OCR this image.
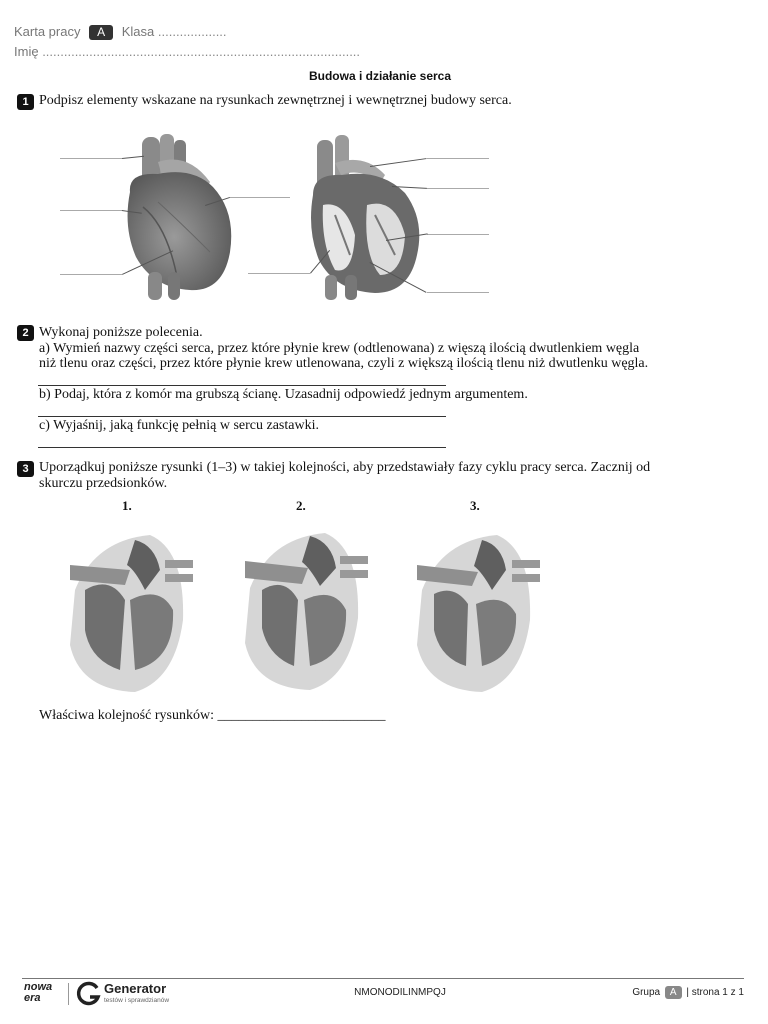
Karta pracy A Klasa ...................
Imię ........................................................................................
Budowa i działanie serca
1 Podpisz elementy wskazane na rysunkach zewnętrznej i wewnętrznej budowy serca.
2 Wykonaj poniższe polecenia.
a) Wymień nazwy części serca, przez które płynie krew (odtlenowana) z więszą ilością dwutlenkiem węgla
niż tlenu oraz części, przez które płynie krew utlenowana, czyli z większą ilością tlenu niż dwutlenku węgla.
b) Podaj, która z komór ma grubszą ścianę. Uzasadnij odpowiedź jednym argumentem.
c) Wyjaśnij, jaką funkcję pełnią w sercu zastawki.
3 Uporządkuj poniższe rysunki (1–3) w takiej kolejności, aby przedstawiały fazy cyklu pracy serca. Zacznij od
skurczu przedsionków.
1.	2.	3.
Właściwa kolejność rysunków: ________________________
nowa era
Generator
testów i sprawdzianów
NMONODILINMPQJ	Grupa A | strona 1 z 1
